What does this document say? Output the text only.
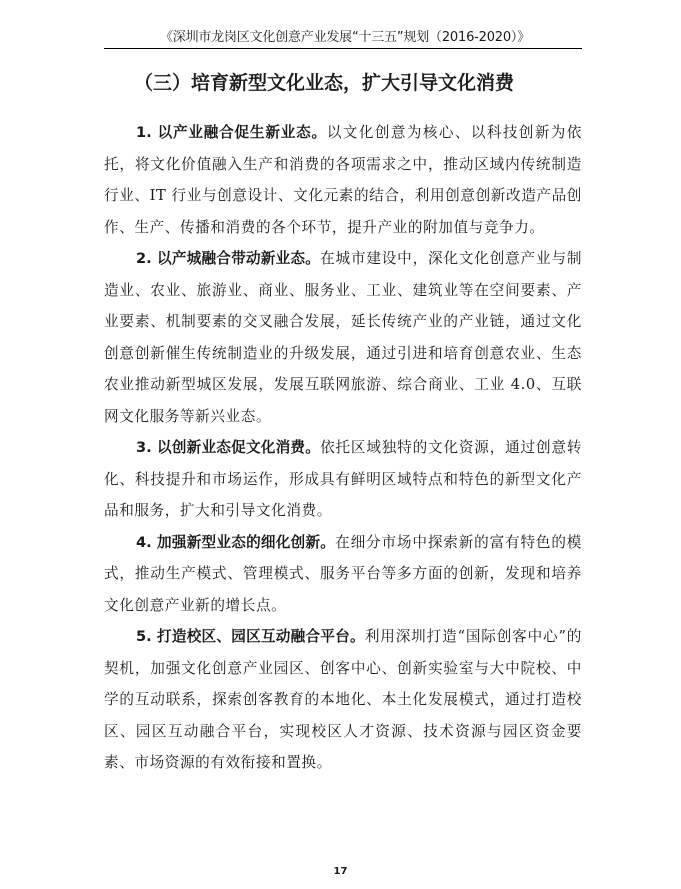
《深圳市龙岗区文化创意产业发展“十三五”规划（2016-2020）》
（三）培育新型文化业态，扩大引导文化消费

1. 以产业融合促生新业态。以文化创意为核心、以科技创新为依托，将文化价值融入生产和消费的各项需求之中，推动区域内传统制造行业、IT 行业与创意设计、文化元素的结合，利用创意创新改造产品创作、生产、传播和消费的各个环节，提升产业的附加值与竞争力。

2. 以产城融合带动新业态。在城市建设中，深化文化创意产业与制造业、农业、旅游业、商业、服务业、工业、建筑业等在空间要素、产业要素、机制要素的交叉融合发展，延长传统产业的产业链，通过文化创意创新催生传统制造业的升级发展，通过引进和培育创意农业、生态农业推动新型城区发展，发展互联网旅游、综合商业、工业 4.0、互联网文化服务等新兴业态。

3. 以创新业态促文化消费。依托区域独特的文化资源，通过创意转化、科技提升和市场运作，形成具有鲜明区域特点和特色的新型文化产品和服务，扩大和引导文化消费。

4. 加强新型业态的细化创新。在细分市场中探索新的富有特色的模式，推动生产模式、管理模式、服务平台等多方面的创新，发现和培养文化创意产业新的增长点。

5. 打造校区、园区互动融合平台。利用深圳打造“国际创客中心”的契机，加强文化创意产业园区、创客中心、创新实验室与大中院校、中学的互动联系，探索创客教育的本地化、本土化发展模式，通过打造校区、园区互动融合平台，实现校区人才资源、技术资源与园区资金要素、市场资源的有效衔接和置换。

17
